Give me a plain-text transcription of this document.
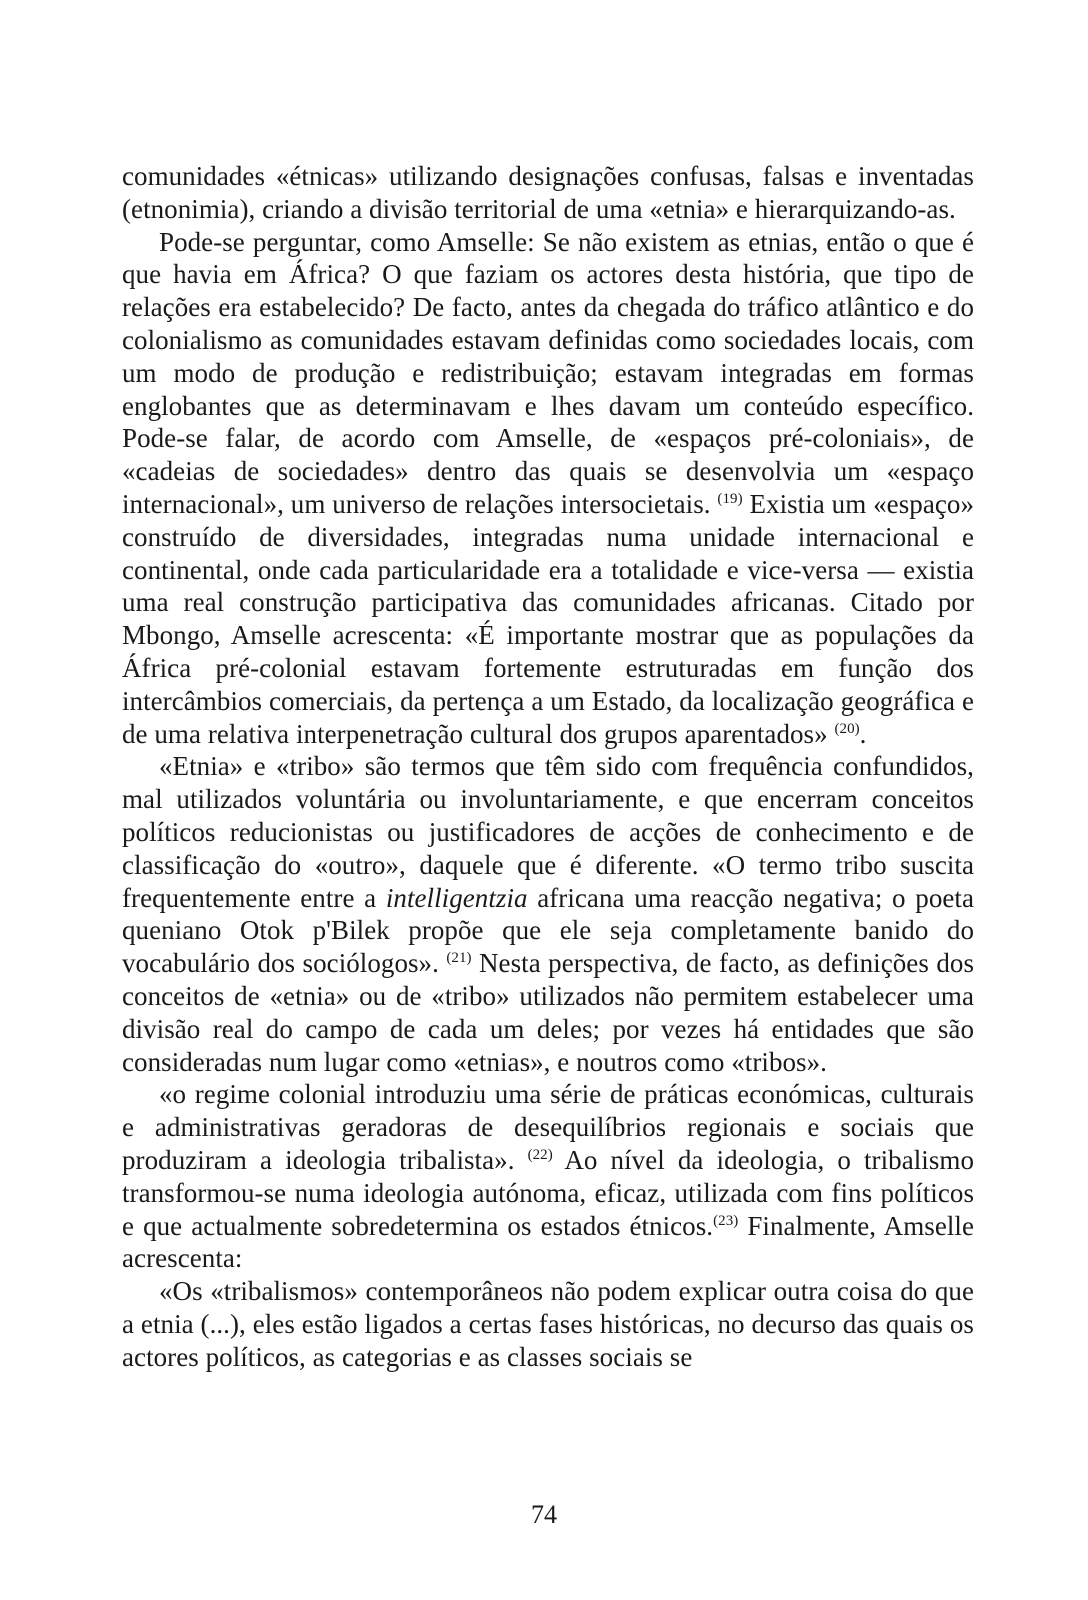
comunidades «étnicas» utilizando designações confusas, falsas e inventadas (etnonimia), criando a divisão territorial de uma «etnia» e hierarquizando-as.

Pode-se perguntar, como Amselle: Se não existem as etnias, então o que é que havia em África? O que faziam os actores desta história, que tipo de relações era estabelecido? De facto, antes da chegada do tráfico atlântico e do colonialismo as comunidades estavam definidas como sociedades locais, com um modo de produção e redistribuição; estavam integradas em formas englobantes que as determinavam e lhes davam um conteúdo específico. Pode-se falar, de acordo com Amselle, de «espaços pré-coloniais», de «cadeias de sociedades» dentro das quais se desenvolvia um «espaço internacional», um universo de relações intersocietais. $^{(19)}$ Existia um «espaço» construído de diversidades, integradas numa unidade internacional e continental, onde cada particularidade era a totalidade e vice-versa — existia uma real construção participativa das comunidades africanas. Citado por Mbongo, Amselle acrescenta: «É importante mostrar que as populações da África pré-colonial estavam fortemente estruturadas em função dos intercâmbios comerciais, da pertença a um Estado, da localização geográfica e de uma relativa interpenetração cultural dos grupos aparentados» $^{(20)}$.

«Etnia» e «tribo» são termos que têm sido com frequência confundidos, mal utilizados voluntária ou involuntariamente, e que encerram conceitos políticos reducionistas ou justificadores de acções de conhecimento e de classificação do «outro», daquele que é diferente. «O termo tribo suscita frequentemente entre a intelligentzia africana uma reacção negativa; o poeta queniano Otok p'Bilek propõe que ele seja completamente banido do vocabulário dos sociólogos». $^{(21)}$ Nesta perspectiva, de facto, as definições dos conceitos de «etnia» ou de «tribo» utilizados não permitem estabelecer uma divisão real do campo de cada um deles; por vezes há entidades que são consideradas num lugar como «etnias», e noutros como «tribos».

«o regime colonial introduziu uma série de práticas económicas, culturais e administrativas geradoras de desequilíbrios regionais e sociais que produziram a ideologia tribalista». $^{(22)}$ Ao nível da ideologia, o tribalismo transformou-se numa ideologia autónoma, eficaz, utilizada com fins políticos e que actualmente sobredetermina os estados étnicos.$^{(23)}$ Finalmente, Amselle acrescenta:

«Os «tribalismos» contemporâneos não podem explicar outra coisa do que a etnia (...), eles estão ligados a certas fases históricas, no decurso das quais os actores políticos, as categorias e as classes sociais se

74
